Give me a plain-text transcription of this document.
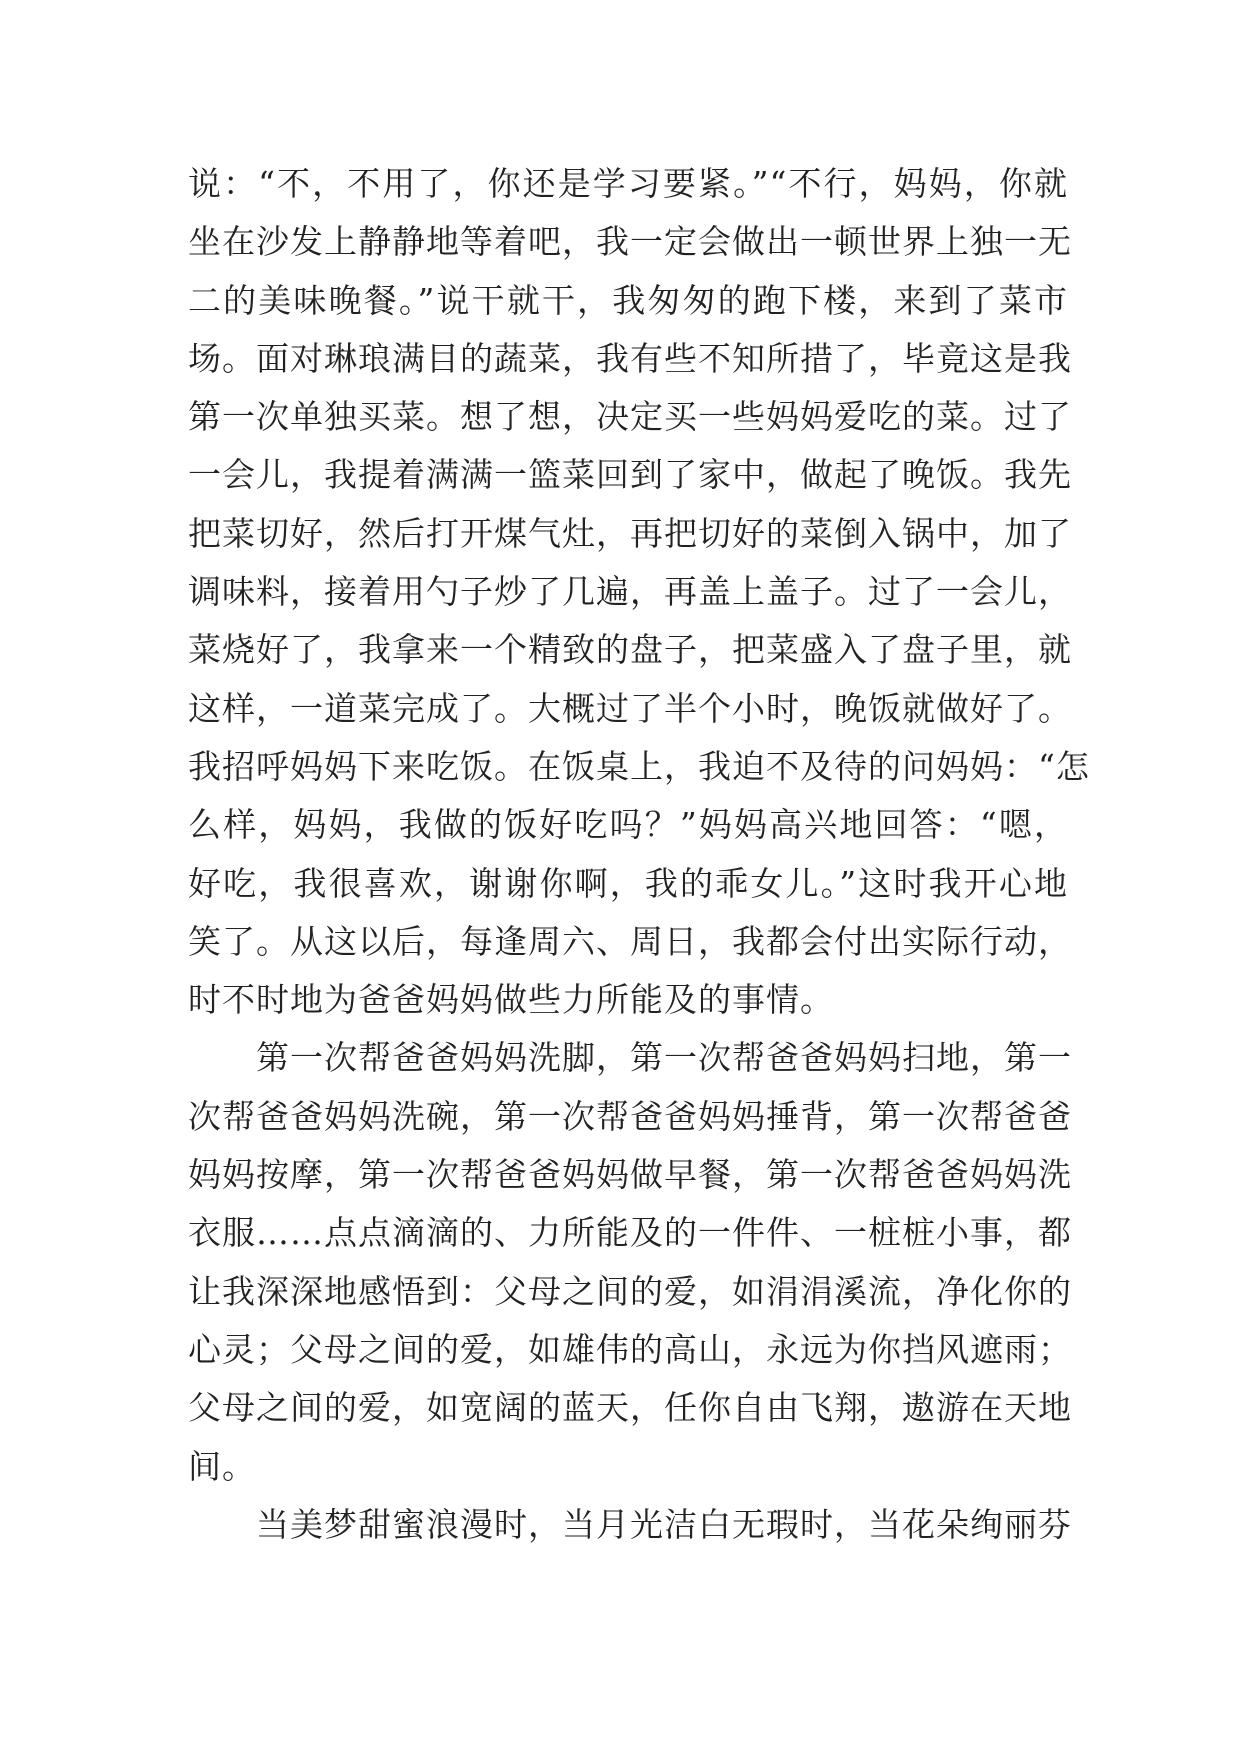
说：“不，不用了，你还是学习要紧。”“不行，妈妈，你就
坐在沙发上静静地等着吧，我一定会做出一顿世界上独一无
二的美味晚餐。”说干就干，我匆匆的跑下楼，来到了菜市
场。面对琳琅满目的蔬菜，我有些不知所措了，毕竟这是我
第一次单独买菜。想了想，决定买一些妈妈爱吃的菜。过了
一会儿，我提着满满一篮菜回到了家中，做起了晚饭。我先
把菜切好，然后打开煤气灶，再把切好的菜倒入锅中，加了
调味料，接着用勺子炒了几遍，再盖上盖子。过了一会儿，
菜烧好了，我拿来一个精致的盘子，把菜盛入了盘子里，就
这样，一道菜完成了。大概过了半个小时，晚饭就做好了。
我招呼妈妈下来吃饭。在饭桌上，我迫不及待的问妈妈：“怎
么样，妈妈，我做的饭好吃吗？”妈妈高兴地回答：“嗯，
好吃，我很喜欢，谢谢你啊，我的乖女儿。”这时我开心地
笑了。从这以后，每逢周六、周日，我都会付出实际行动，
时不时地为爸爸妈妈做些力所能及的事情。
　　第一次帮爸爸妈妈洗脚，第一次帮爸爸妈妈扫地，第一
次帮爸爸妈妈洗碗，第一次帮爸爸妈妈捶背，第一次帮爸爸
妈妈按摩，第一次帮爸爸妈妈做早餐，第一次帮爸爸妈妈洗
衣服……点点滴滴的、力所能及的一件件、一桩桩小事，都
让我深深地感悟到：父母之间的爱，如涓涓溪流，净化你的
心灵；父母之间的爱，如雄伟的高山，永远为你挡风遮雨；
父母之间的爱，如宽阔的蓝天，任你自由飞翔，遨游在天地
间。
　　当美梦甜蜜浪漫时，当月光洁白无瑕时，当花朵绚丽芬
